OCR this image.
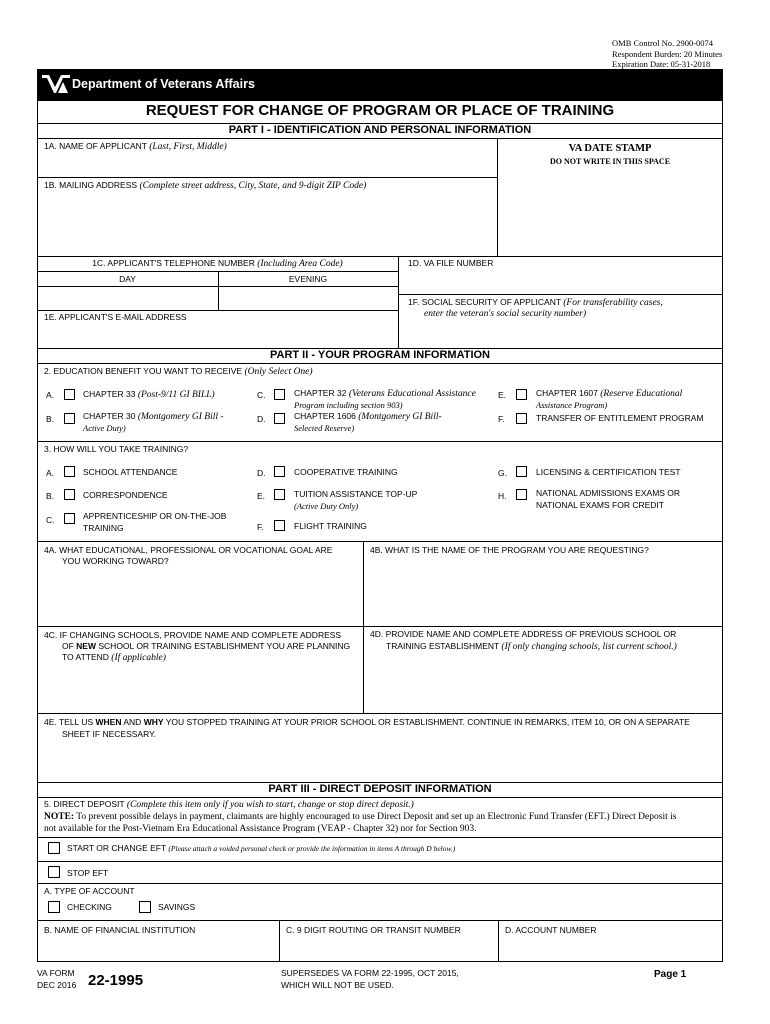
OMB Control No. 2900-0074
Respondent Burden: 20 Minutes
Expiration Date: 05-31-2018
Department of Veterans Affairs
REQUEST FOR CHANGE OF PROGRAM OR PLACE OF TRAINING
PART I - IDENTIFICATION AND PERSONAL INFORMATION
1A. NAME OF APPLICANT (Last, First, Middle)	VA DATE STAMP
DO NOT WRITE IN THIS SPACE
1B. MAILING ADDRESS (Complete street address, City, State, and 9-digit ZIP Code)
1C. APPLICANT'S TELEPHONE NUMBER (Including Area Code)	1D. VA FILE NUMBER
DAY	EVENING
1F. SOCIAL SECURITY OF APPLICANT (For transferability cases,
enter the veteran's social security number)
1E. APPLICANT'S E-MAIL ADDRESS
PART II - YOUR PROGRAM INFORMATION
2. EDUCATION BENEFIT YOU WANT TO RECEIVE (Only Select One)
A.	CHAPTER 33 (Post-9/11 GI BILL)
B.	CHAPTER 30 (Montgomery GI Bill -
Active Duty)
C.	CHAPTER 32 (Veterans Educational Assistance
Program including section 903)
D.	CHAPTER 1606 (Montgomery GI Bill-
Selected Reserve)
E.	CHAPTER 1607 (Reserve Educational
Assistance Program)
F.	TRANSFER OF ENTITLEMENT PROGRAM
3. HOW WILL YOU TAKE TRAINING?
A.	SCHOOL ATTENDANCE
B.	CORRESPONDENCE
C.	APPRENTICESHIP OR ON-THE-JOB
TRAINING
D.	COOPERATIVE TRAINING
E.	TUITION ASSISTANCE TOP-UP
(Active Duty Only)
F.	FLIGHT TRAINING
G.	LICENSING & CERTIFICATION TEST
H.	NATIONAL ADMISSIONS EXAMS OR
NATIONAL EXAMS FOR CREDIT
4A. WHAT EDUCATIONAL, PROFESSIONAL OR VOCATIONAL GOAL ARE
YOU WORKING TOWARD?
4B. WHAT IS THE NAME OF THE PROGRAM YOU ARE REQUESTING?
4C. IF CHANGING SCHOOLS, PROVIDE NAME AND COMPLETE ADDRESS
OF NEW SCHOOL OR TRAINING ESTABLISHMENT YOU ARE PLANNING
TO ATTEND (If applicable)
4D. PROVIDE NAME AND COMPLETE ADDRESS OF PREVIOUS SCHOOL OR
TRAINING ESTABLISHMENT (If only changing schools, list current school.)
4E. TELL US WHEN AND WHY YOU STOPPED TRAINING AT YOUR PRIOR SCHOOL OR ESTABLISHMENT. CONTINUE IN REMARKS, ITEM 10, OR ON A SEPARATE
SHEET IF NECESSARY.
PART III - DIRECT DEPOSIT INFORMATION
5. DIRECT DEPOSIT (Complete this item only if you wish to start, change or stop direct deposit.)
NOTE: To prevent possible delays in payment, claimants are highly encouraged to use Direct Deposit and set up an Electronic Fund Transfer (EFT.) Direct Deposit is
not available for the Post-Vietnam Era Educational Assistance Program (VEAP - Chapter 32) nor for Section 903.
START OR CHANGE EFT (Please attach a voided personal check or provide the information in items A through D below.)
STOP EFT
A. TYPE OF ACCOUNT
CHECKING	SAVINGS
B. NAME OF FINANCIAL INSTITUTION	C. 9 DIGIT ROUTING OR TRANSIT NUMBER	D. ACCOUNT NUMBER
VA FORM
DEC 2016 22-1995	SUPERSEDES VA FORM 22-1995, OCT 2015,
WHICH WILL NOT BE USED.
Page 1
